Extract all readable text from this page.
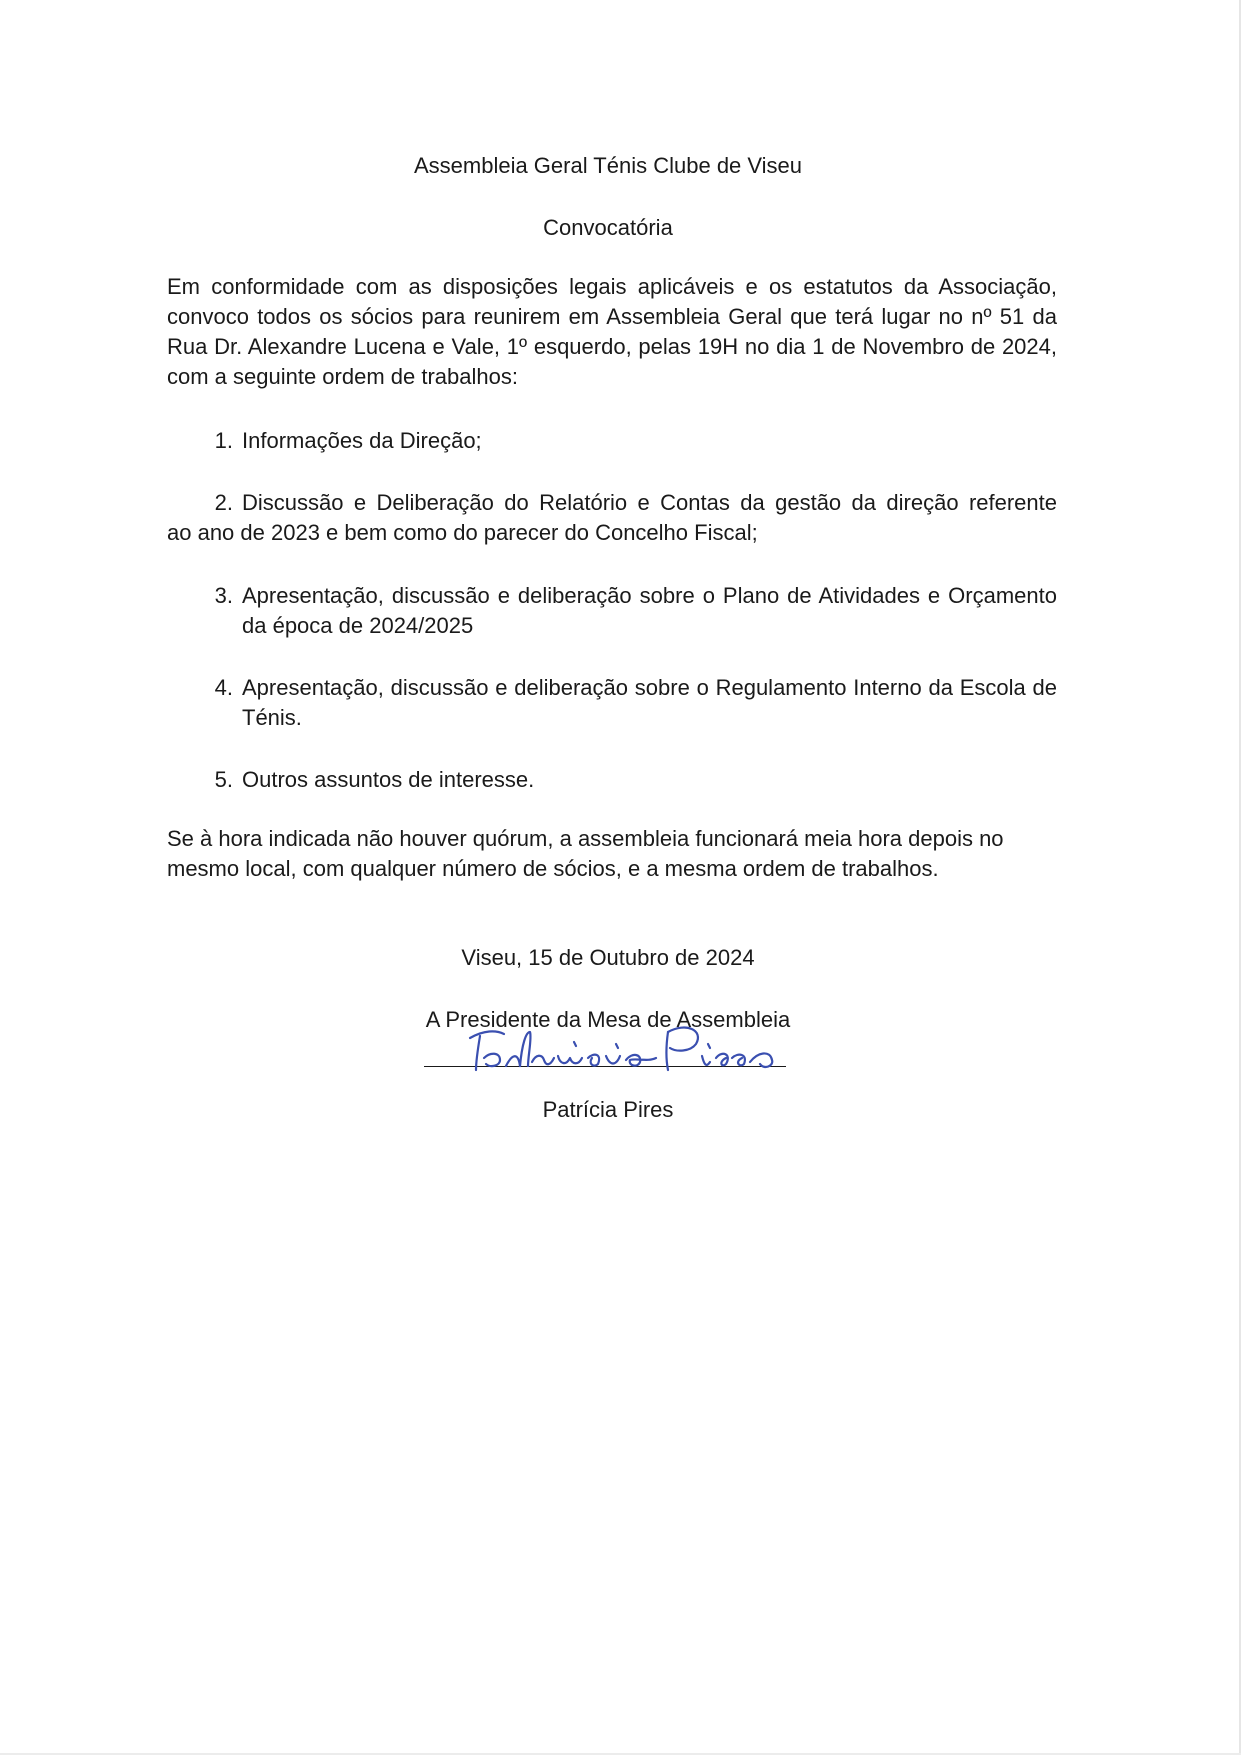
Assembleia Geral Ténis Clube de Viseu
Convocatória
Em conformidade com as disposições legais aplicáveis e os estatutos da Associação, convoco todos os sócios para reunirem em Assembleia Geral que terá lugar no nº 51 da Rua Dr. Alexandre Lucena e Vale, 1º esquerdo, pelas 19H no dia 1 de Novembro de 2024, com a seguinte ordem de trabalhos:
1. Informações da Direção;
2. Discussão e Deliberação do Relatório e Contas da gestão da direção referente
ao ano de 2023 e bem como do parecer do Concelho Fiscal;
3. Apresentação, discussão e deliberação sobre o Plano de Atividades e Orçamento da época de 2024/2025
4. Apresentação, discussão e deliberação sobre o Regulamento Interno da Escola de Ténis.
5. Outros assuntos de interesse.
Se à hora indicada não houver quórum, a assembleia funcionará meia hora depois no mesmo local, com qualquer número de sócios, e a mesma ordem de trabalhos.
Viseu, 15 de Outubro de 2024
A Presidente da Mesa de Assembleia
Patrícia Pires
